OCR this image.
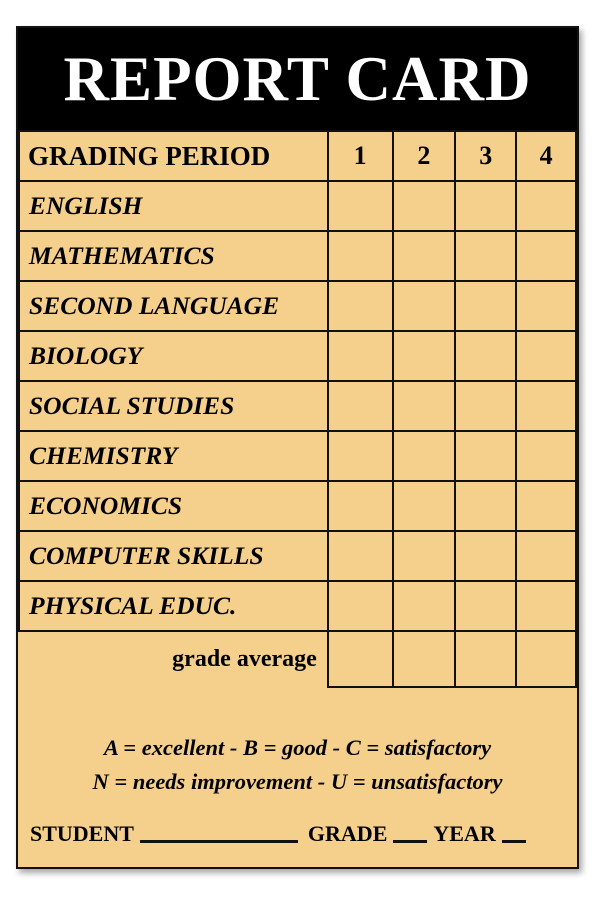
REPORT CARD
GRADING PERIOD	1	2	3	4
ENGLISH				
MATHEMATICS				
SECOND LANGUAGE				
BIOLOGY				
SOCIAL STUDIES				
CHEMISTRY				
ECONOMICS				
COMPUTER SKILLS				
PHYSICAL EDUC.				
grade average				
A = excellent - B = good - C = satisfactory
N = needs improvement - U = unsatisfactory
STUDENT	GRADE YEAR
